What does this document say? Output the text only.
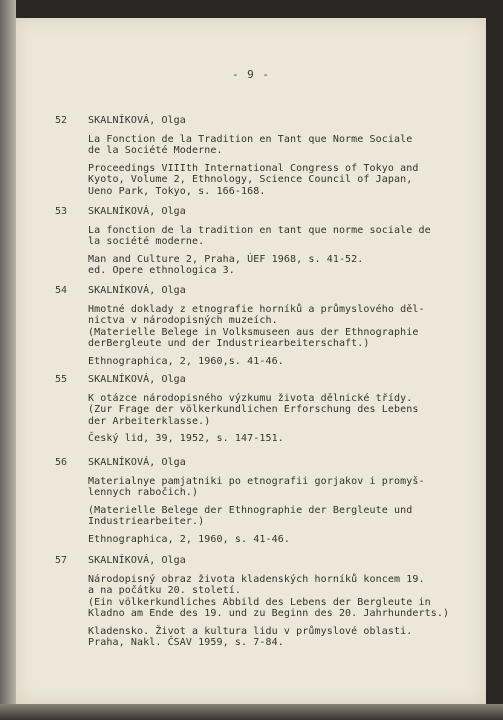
- 9 -
52 SKALNÍKOVÁ, Olga
La Fonction de la Tradition en Tant que Norme Sociale
de la Société Moderne.
Proceedings VIIIth International Congress of Tokyo and
Kyoto, Volume 2, Ethnology, Science Council of Japan,
Ueno Park, Tokyo, s. 166-168.
53 SKALNÍKOVÁ, Olga
La fonction de la tradition en tant que norme sociale de
la société moderne.
Man and Culture 2, Praha, ÚEF 1968, s. 41-52.
ed. Opere ethnologica 3.
54 SKALNÍKOVÁ, Olga
Hmotné doklady z etnografie horníků a průmyslového děl-
nictva v národopisných muzeích.
(Materielle Belege in Volksmuseen aus der Ethnographie
derBergleute und der Industriearbeiterschaft.)
Ethnographica, 2, 1960,s. 41-46.
55 SKALNÍKOVÁ, Olga
K otázce národopisného výzkumu života dělnické třídy.
(Zur Frage der völkerkundlichen Erforschung des Lebens
der Arbeiterklasse.)
Český lid, 39, 1952, s. 147-151.
56 SKALNÍKOVÁ, Olga
Materialnye pamjatniki po etnografii gorjakov i promyš-
lennych rabočich.)
(Materielle Belege der Ethnographie der Bergleute und
Industriearbeiter.)
Ethnographica, 2, 1960, s. 41-46.
57 SKALNÍKOVÁ, Olga
Národopisný obraz života kladenských horníků koncem 19.
a na počátku 20. století.
(Ein völkerkundliches Abbild des Lebens der Bergleute in
Kladno am Ende des 19. und zu Beginn des 20. Jahrhunderts.)
Kladensko. Život a kultura lidu v průmyslové oblasti.
Praha, Nakl. ČSAV 1959, s. 7-84.
